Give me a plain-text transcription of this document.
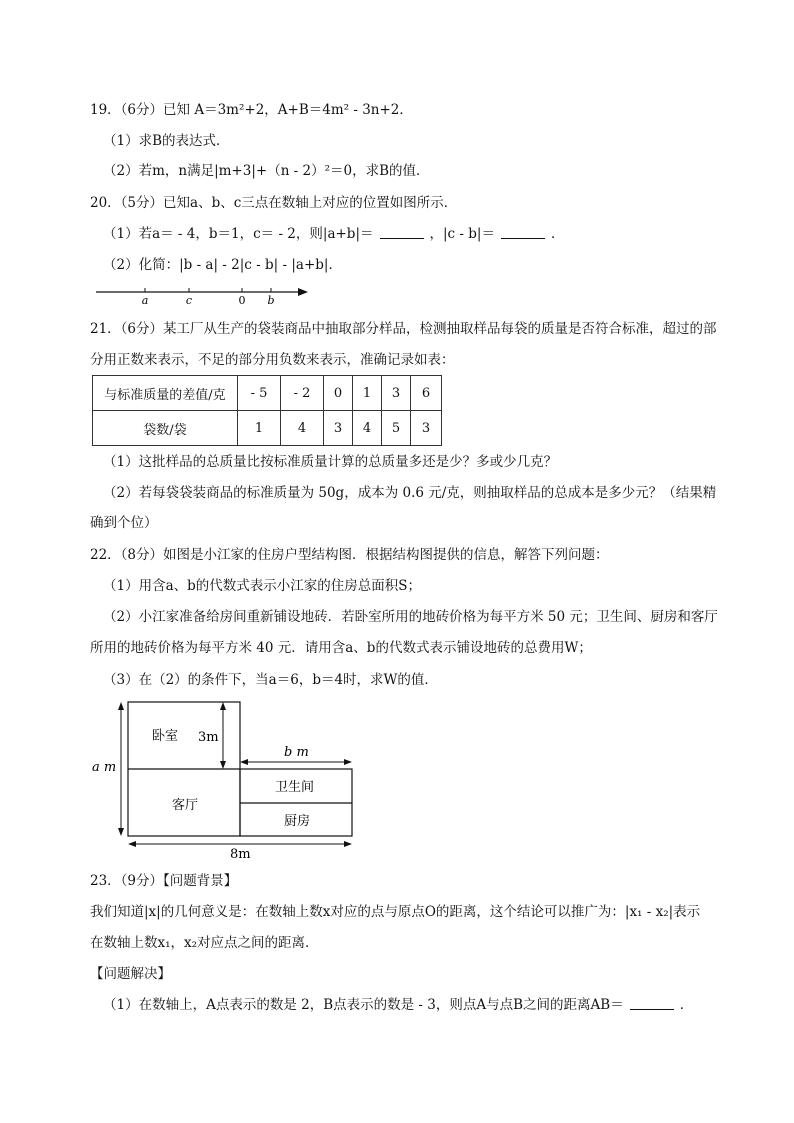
19．（6分）已知 A＝3m²+2，A+B＝4m² - 3n+2．
（1）求B的表达式．
（2）若m，n满足|m+3|+（n - 2）²＝0，求B的值．
20．（5分）已知a、b、c三点在数轴上对应的位置如图所示．
（1）若a＝ - 4，b＝1，c＝ - 2，则|a+b|＝	，|c - b|＝	．
（2）化简：|b - a| - 2|c - b| - |a+b|．
a	c	0 b
21．（6分）某工厂从生产的袋装商品中抽取部分样品，检测抽取样品每袋的质量是否符合标准，超过的部
分用正数来表示，不足的部分用负数来表示，准确记录如表：
与标准质量的差值/克	- 5	- 2	0	1	3	6
袋数/袋	1	4	3	4	5	3
（1）这批样品的总质量比按标准质量计算的总质量多还是少？多或少几克？
（2）若每袋袋装商品的标准质量为 50g，成本为 0.6 元/克，则抽取样品的总成本是多少元？（结果精
确到个位）
22．（8分）如图是小江家的住房户型结构图．根据结构图提供的信息，解答下列问题：
（1）用含a、b的代数式表示小江家的住房总面积S；
（2）小江家准备给房间重新铺设地砖．若卧室所用的地砖价格为每平方米 50 元；卫生间、厨房和客厅
所用的地砖价格为每平方米 40 元．请用含a、b的代数式表示铺设地砖的总费用W；
（3）在（2）的条件下，当a＝6，b＝4时，求W的值．
a m
3m
b m
8m
卧室
客厅
卫生间
厨房
23．（9分）【问题背景】
我们知道|x|的几何意义是：在数轴上数x对应的点与原点O的距离，这个结论可以推广为：|x₁ - x₂|表示
在数轴上数x₁，x₂对应点之间的距离．
【问题解决】
（1）在数轴上，A点表示的数是 2，B点表示的数是 - 3，则点A与点B之间的距离AB＝	．
